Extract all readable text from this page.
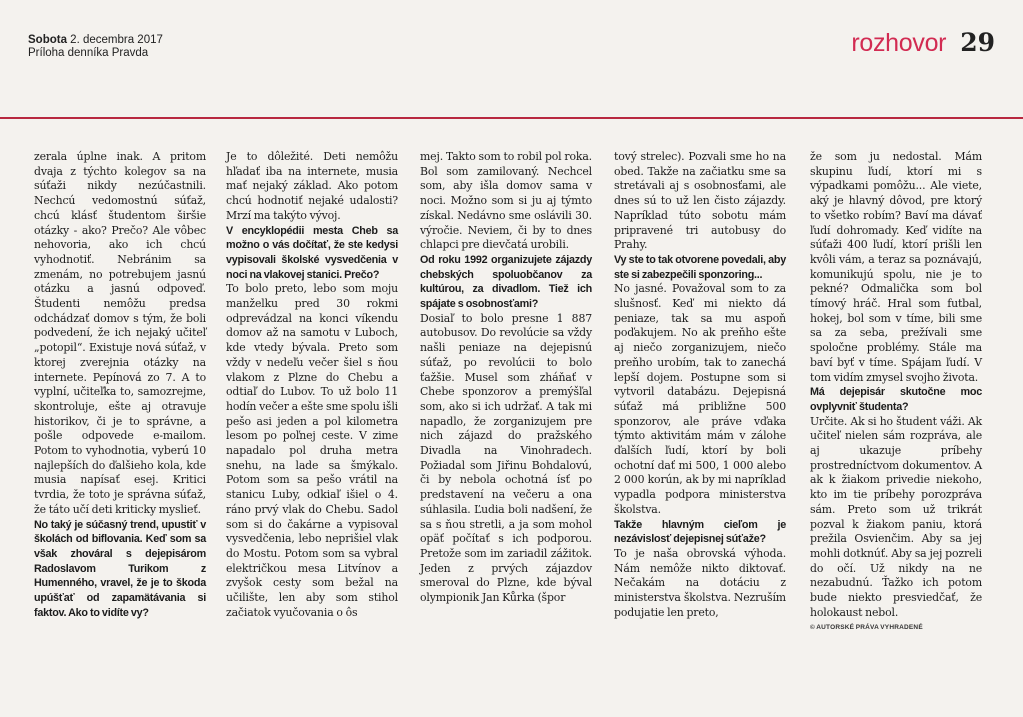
Sobota 2. decembra 2017
Príloha denníka Pravda	rozhovor 29

zerala úplne inak. A pritom dvaja z týchto kolegov sa na súťaži nikdy nezúčastnili. Nechcú vedomostnú súťaž, chcú klásť študentom širšie otázky - ako? Prečo? Ale vôbec nehovoria, ako ich chcú vyhodnotiť. Nebránim sa zmenám, no potrebujem jasnú otázku a jasnú odpoveď. Študenti nemôžu predsa odchádzať domov s tým, že boli podvedení, že ich nejaký učiteľ „potopil“. Existuje nová súťaž, v ktorej zverejnia otázky na internete. Pepínová zo 7. A to vyplní, učiteľka to, samozrejme, skontroluje, ešte aj otravuje historikov, či je to správne, a pošle odpovede e-mailom. Potom to vyhodnotia, vyberú 10 najlepších do ďalšieho kola, kde musia napísať esej. Kritici tvrdia, že toto je správna súťaž, že táto učí deti kriticky myslieť.

No taký je súčasný trend, upustiť v školách od biflovania. Keď som sa však zhováral s dejepisárom Radoslavom Turikom z Humenného, vravel, že je to škoda upúšťať od zapamätávania si faktov. Ako to vidíte vy?

Je to dôležité. Deti nemôžu hľadať iba na internete, musia mať nejaký základ. Ako potom chcú hodnotiť nejaké udalosti? Mrzí ma takýto vývoj.

V encyklopédii mesta Cheb sa možno o vás dočítať, že ste kedysi vypisovali školské vysvedčenia v noci na vlakovej stanici. Prečo?

To bolo preto, lebo som moju manželku pred 30 rokmi odprevádzal na konci víkendu domov až na samotu v Luboch, kde vtedy bývala. Preto som vždy v nedeľu večer šiel s ňou vlakom z Plzne do Chebu a odtiaľ do Lubov. To už bolo 11 hodín večer a ešte sme spolu išli pešo asi jeden a pol kilometra lesom po poľnej ceste. V zime napadalo pol druha metra snehu, na lade sa šmýkalo. Potom som sa pešo vrátil na stanicu Luby, odkiaľ išiel o 4. ráno prvý vlak do Chebu. Sadol som si do čakárne a vypisoval vysvedčenia, lebo neprišiel vlak do Mostu. Potom som sa vybral električkou mesa Litvínov a zvyšok cesty som bežal na učilište, len aby som stihol začiatok vyučovania o ôs

mej. Takto som to robil pol roka. Bol som zamilovaný. Nechcel som, aby išla domov sama v noci. Možno som si ju aj týmto získal. Nedávno sme oslávili 30. výročie. Neviem, či by to dnes chlapci pre dievčatá urobili.

Od roku 1992 organizujete zájazdy chebských spoluobčanov za kultúrou, za divadlom. Tiež ich spájate s osobnosťami?

Dosiaľ to bolo presne 1 887 autobusov. Do revolúcie sa vždy našli peniaze na dejepisnú súťaž, po revolúcii to bolo ťažšie. Musel som zháňať v Chebe sponzorov a premýšľal som, ako si ich udržať. A tak mi napadlo, že zorganizujem pre nich zájazd do pražského Divadla na Vinohradech. Požiadal som Jiřinu Bohdalovú, či by nebola ochotná ísť po predstavení na večeru a ona súhlasila. Ľudia boli nadšení, že sa s ňou stretli, a ja som mohol opäť počítať s ich podporou. Pretože som im zariadil zážitok. Jeden z prvých zájazdov smeroval do Plzne, kde býval olympionik Jan Kůrka (špor

tový strelec). Pozvali sme ho na obed. Takže na začiatku sme sa stretávali aj s osobnosťami, ale dnes sú to už len čisto zájazdy. Napríklad túto sobotu mám pripravené tri autobusy do Prahy.

Vy ste to tak otvorene povedali, aby ste si zabezpečili sponzoring...

No jasné. Považoval som to za slušnosť. Keď mi niekto dá peniaze, tak sa mu aspoň poďakujem. No ak preňho ešte aj niečo zorganizujem, niečo preňho urobím, tak to zanechá lepší dojem. Postupne som si vytvoril databázu. Dejepisná súťaž má približne 500 sponzorov, ale práve vďaka týmto aktivitám mám v zálohe ďalších ľudí, ktorí by boli ochotní dať mi 500, 1 000 alebo 2 000 korún, ak by mi napríklad vypadla podpora ministerstva školstva.

Takže hlavným cieľom je nezávislosť dejepisnej súťaže?

To je naša obrovská výhoda. Nám nemôže nikto diktovať. Nečakám na dotáciu z ministerstva školstva. Nezruším podujatie len preto,

že som ju nedostal. Mám skupinu ľudí, ktorí mi s výpadkami pomôžu... Ale viete, aký je hlavný dôvod, pre ktorý to všetko robím? Baví ma dávať ľudí dohromady. Keď vidíte na súťaži 400 ľudí, ktorí prišli len kvôli vám, a teraz sa poznávajú, komunikujú spolu, nie je to pekné? Odmalička som bol tímový hráč. Hral som futbal, hokej, bol som v tíme, bili sme sa za seba, prežívali sme spoločne problémy. Stále ma baví byť v tíme. Spájam ľudí. V tom vidím zmysel svojho života.

Má dejepisár skutočne moc ovplyvniť študenta?

Určite. Ak si ho študent váži. Ak učiteľ nielen sám rozpráva, ale aj ukazuje príbehy prostredníctvom dokumentov. A ak k žiakom privedie niekoho, kto im tie príbehy porozpráva sám. Preto som už trikrát pozval k žiakom paniu, ktorá prežila Osvienčim. Aby sa jej mohli dotknúť. Aby sa jej pozreli do očí. Už nikdy na ne nezabudnú. Ťažko ich potom bude niekto presviedčať, že holokaust nebol.

© AUTORSKÉ PRÁVA VYHRADENÉ
